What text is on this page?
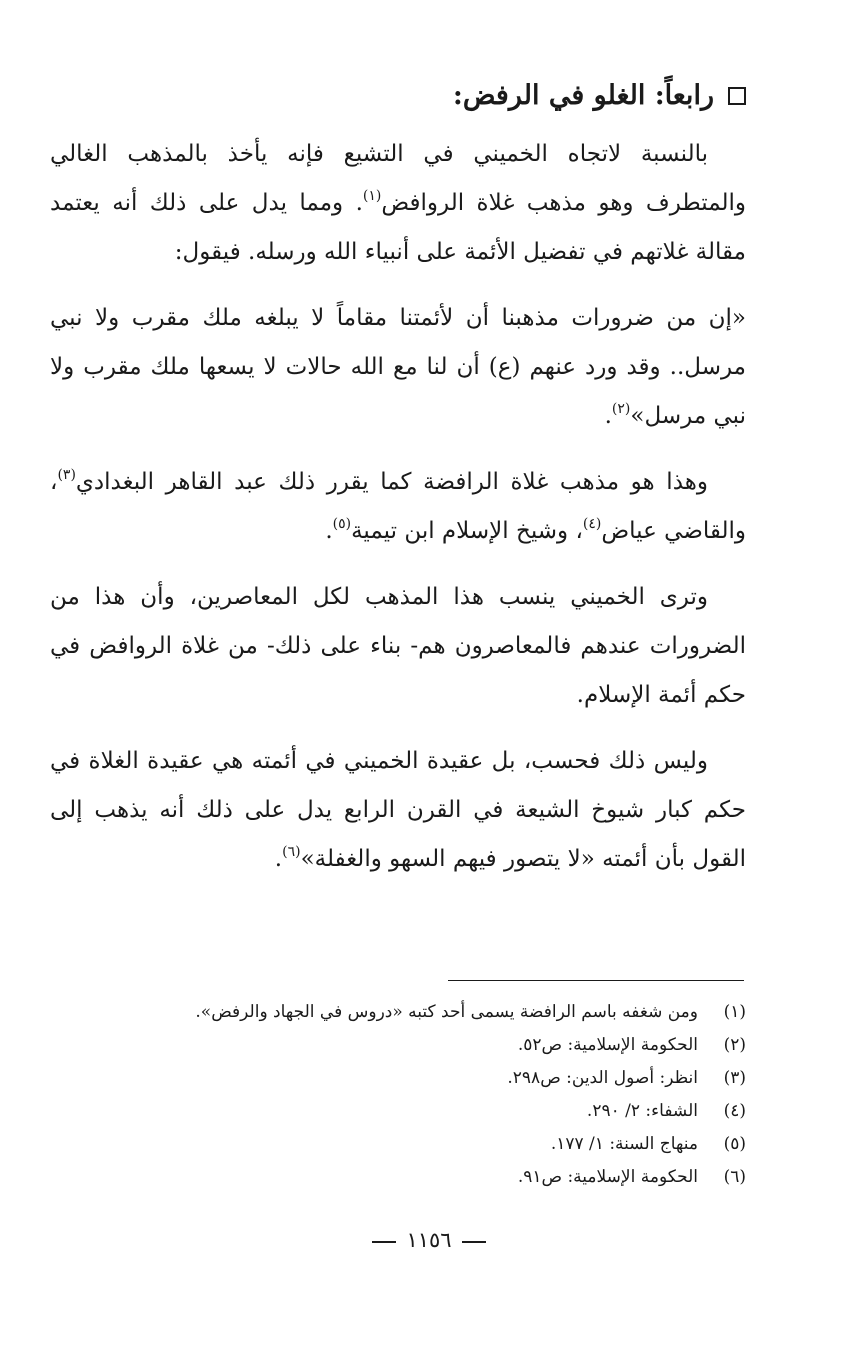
رابعاً: الغلو في الرفض:

بالنسبة لاتجاه الخميني في التشيع فإنه يأخذ بالمذهب الغالي والمتطرف وهو مذهب غلاة الروافض$^{(١)}$. ومما يدل على ذلك أنه يعتمد مقالة غلاتهم في تفضيل الأئمة على أنبياء الله ورسله. فيقول:

«إن من ضرورات مذهبنا أن لأئمتنا مقاماً لا يبلغه ملك مقرب ولا نبي مرسل.. وقد ورد عنهم (ع) أن لنا مع الله حالات لا يسعها ملك مقرب ولا نبي مرسل»$^{(٢)}$.

وهذا هو مذهب غلاة الرافضة كما يقرر ذلك عبد القاهر البغدادي$^{(٣)}$، والقاضي عياض$^{(٤)}$، وشيخ الإسلام ابن تيمية$^{(٥)}$.

وترى الخميني ينسب هذا المذهب لكل المعاصرين، وأن هذا من الضرورات عندهم فالمعاصرون هم- بناء على ذلك- من غلاة الروافض في حكم أئمة الإسلام.

وليس ذلك فحسب، بل عقيدة الخميني في أئمته هي عقيدة الغلاة في حكم كبار شيوخ الشيعة في القرن الرابع يدل على ذلك أنه يذهب إلى القول بأن أئمته «لا يتصور فيهم السهو والغفلة»$^{(٦)}$.

(١)
ومن شغفه باسم الرافضة يسمى أحد كتبه «دروس في الجهاد والرفض».
(٢)
الحكومة الإسلامية: ص٥٢.
(٣)
انظر: أصول الدين: ص٢٩٨.
(٤)
الشفاء: ٢/ ٢٩٠.
(٥)
منهاج السنة: ١/ ١٧٧.
(٦)
الحكومة الإسلامية: ص٩١.
١١٥٦
